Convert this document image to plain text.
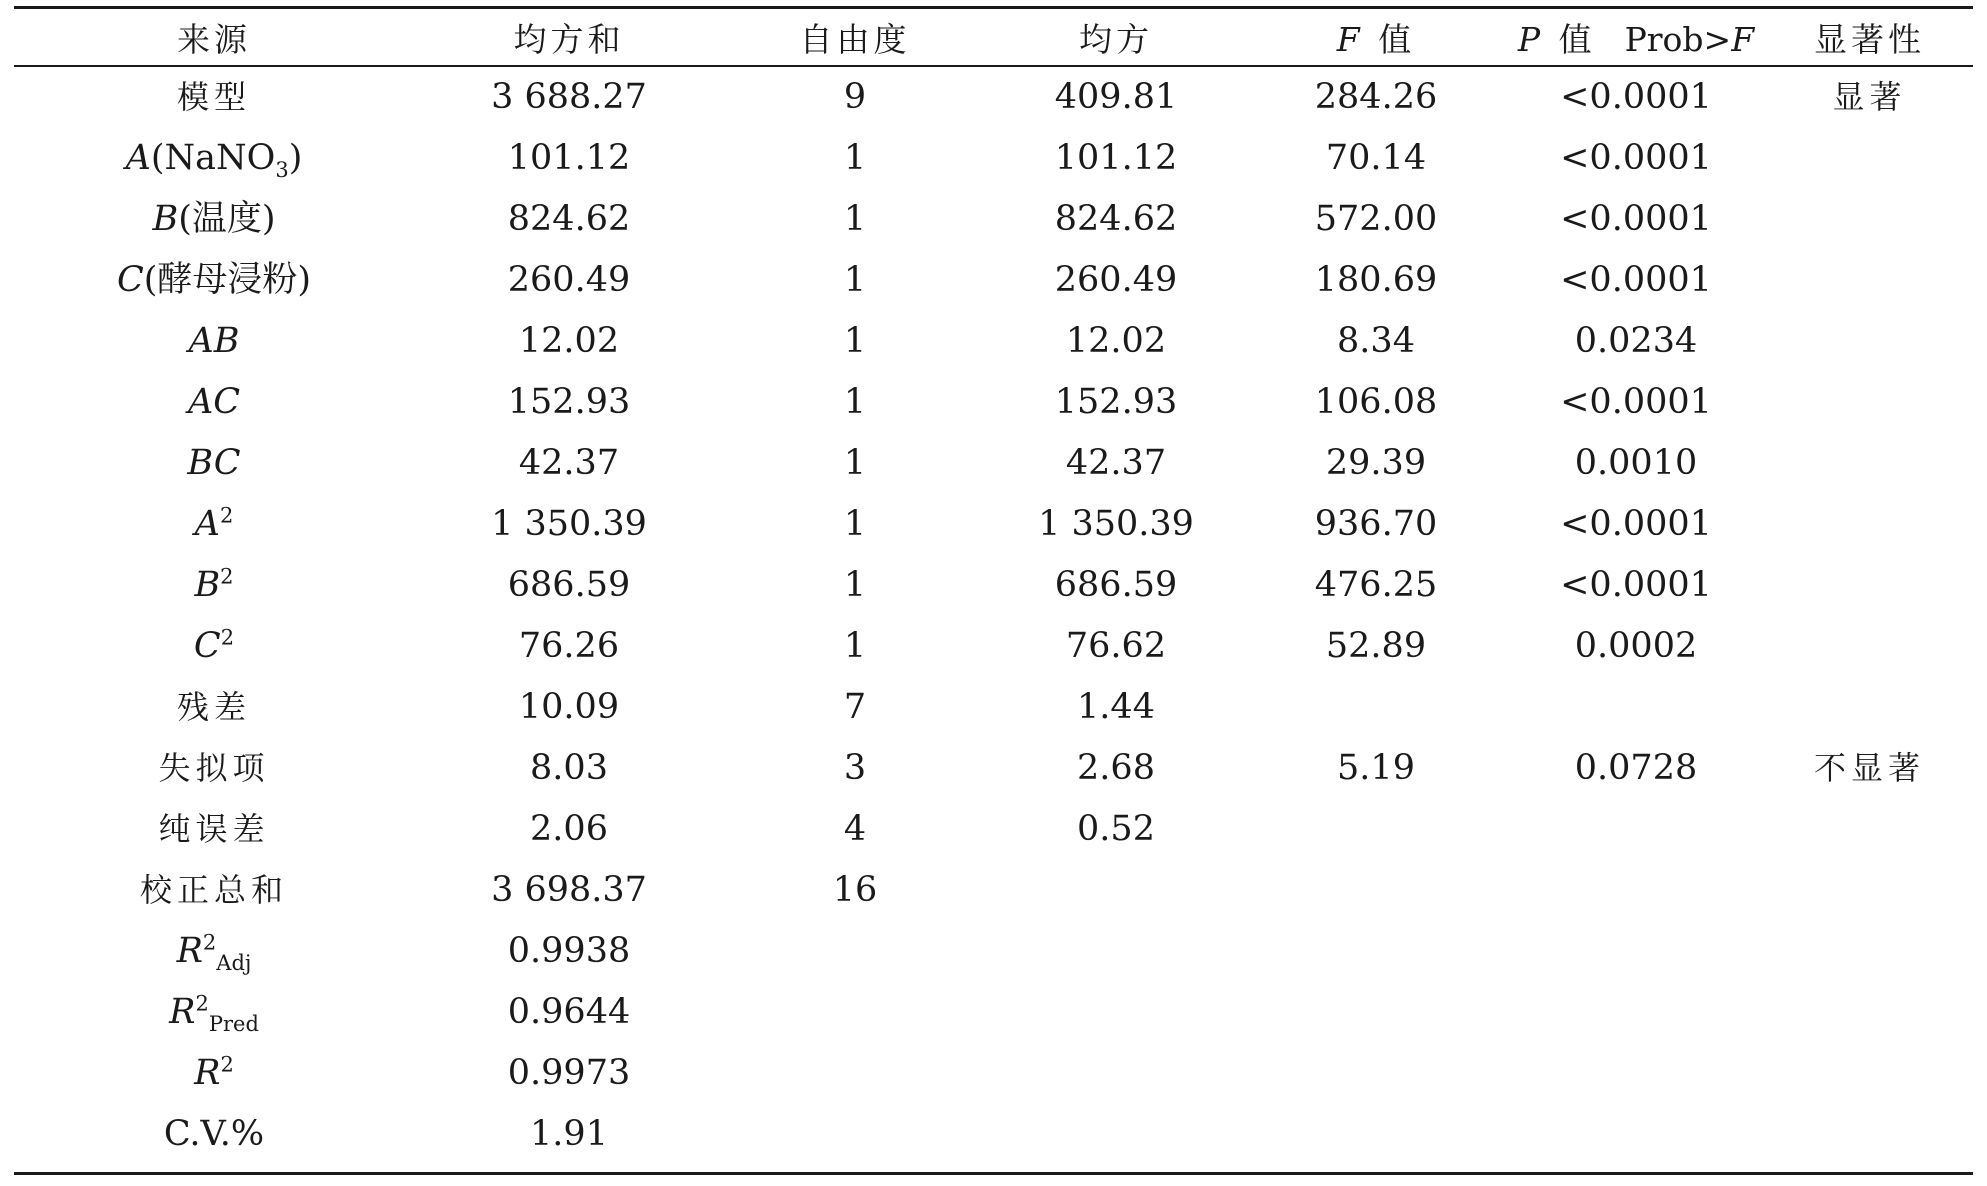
来源	均方和	自由度	均方	F 值	P 值  Prob>F	显著性
模型	3 688.27	9	409.81	284.26	<0.0001	显著
A(NaNO$_3$)	101.12	1	101.12	70.14	<0.0001
B(温度)	824.62	1	824.62	572.00	<0.0001
C(酵母浸粉)	260.49	1	260.49	180.69	<0.0001
AB	12.02	1	12.02	8.34	0.0234
AC	152.93	1	152.93	106.08	<0.0001
BC	42.37	1	42.37	29.39	0.0010
$A^2$	1 350.39	1	1 350.39	936.70	<0.0001
$B^2$	686.59	1	686.59	476.25	<0.0001
$C^2$	76.26	1	76.62	52.89	0.0002
残差	10.09	7	1.44
失拟项	8.03	3	2.68	5.19	0.0728	不显著
纯误差	2.06	4	0.52
校正总和	3 698.37	16
$R^2_{Adj}$	0.9938
$R^2_{Pred}$	0.9644
$R^2$	0.9973
C.V.%	1.91
